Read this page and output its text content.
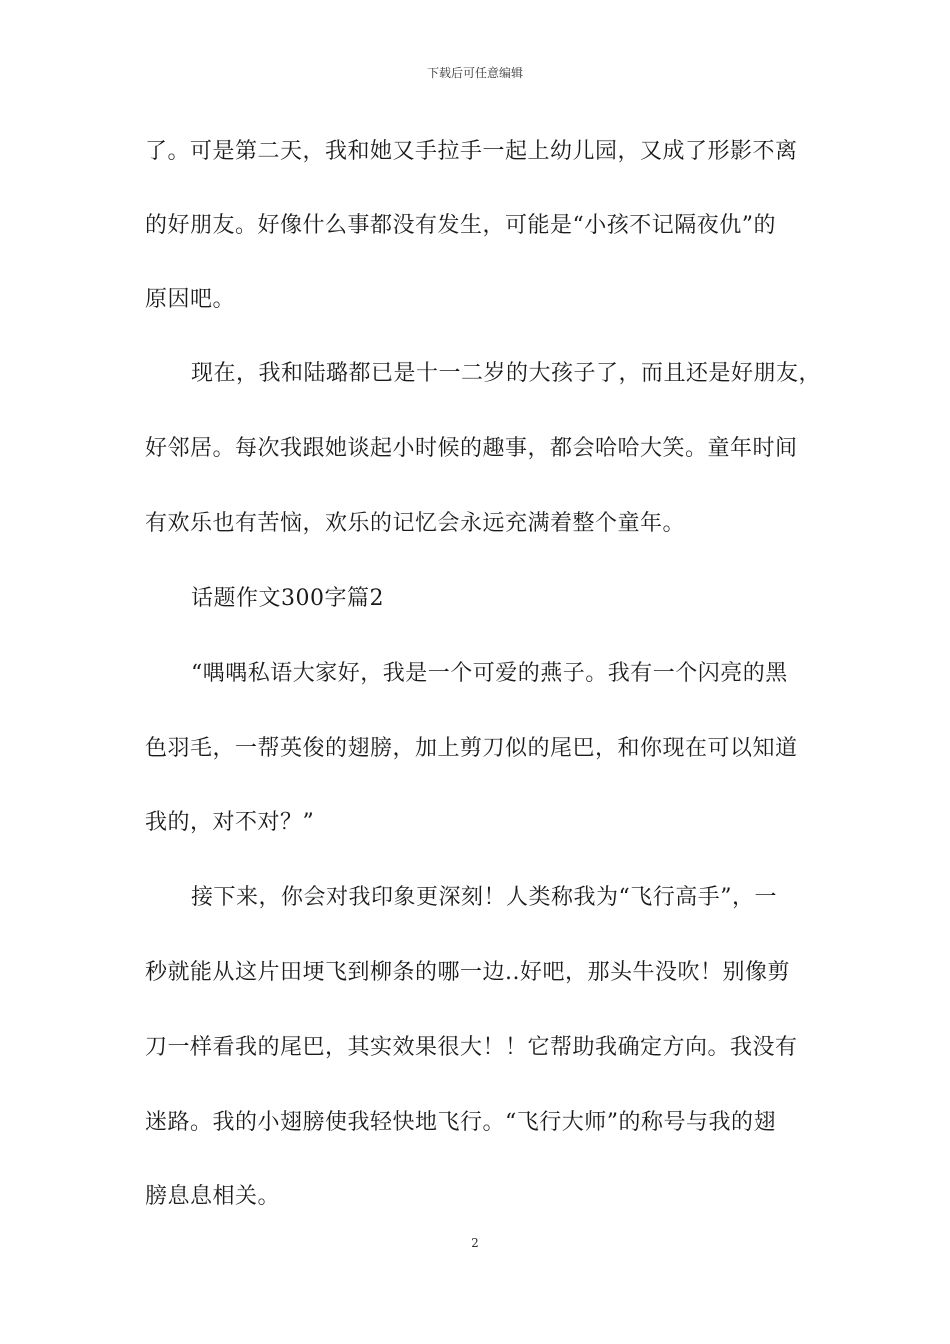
下载后可任意编辑
了。可是第二天，我和她又手拉手一起上幼儿园，又成了形影不离
的好朋友。好像什么事都没有发生，可能是“小孩不记隔夜仇”的
原因吧。
现在，我和陆璐都已是十一二岁的大孩子了，而且还是好朋友，
好邻居。每次我跟她谈起小时候的趣事，都会哈哈大笑。童年时间
有欢乐也有苦恼，欢乐的记忆会永远充满着整个童年。
话题作文300字篇2
“喁喁私语大家好，我是一个可爱的燕子。我有一个闪亮的黑
色羽毛，一帮英俊的翅膀，加上剪刀似的尾巴，和你现在可以知道
我的，对不对？”
接下来，你会对我印象更深刻！人类称我为“飞行高手”，一
秒就能从这片田埂飞到柳条的哪一边..好吧，那头牛没吹！别像剪
刀一样看我的尾巴，其实效果很大！！它帮助我确定方向。我没有
迷路。我的小翅膀使我轻快地飞行。“飞行大师”的称号与我的翅
膀息息相关。
2
